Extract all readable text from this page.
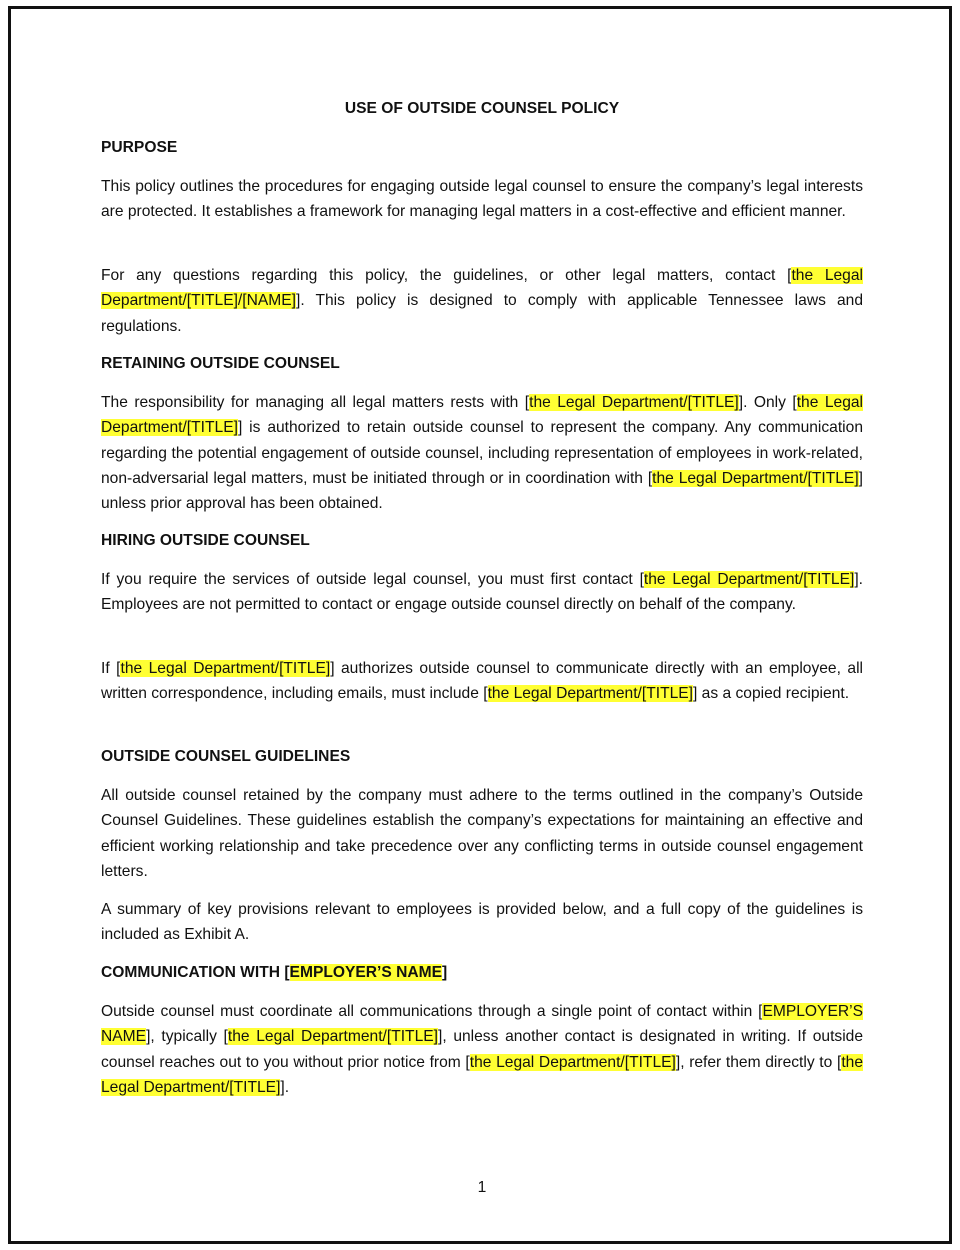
USE OF OUTSIDE COUNSEL POLICY
PURPOSE

This policy outlines the procedures for engaging outside legal counsel to ensure the company’s legal interests are protected. It establishes a framework for managing legal matters in a cost-effective and efficient manner.

For any questions regarding this policy, the guidelines, or other legal matters, contact [the Legal Department/[TITLE]/[NAME]]. This policy is designed to comply with applicable Tennessee laws and regulations.

RETAINING OUTSIDE COUNSEL

The responsibility for managing all legal matters rests with [the Legal Department/[TITLE]]. Only [the Legal Department/[TITLE]] is authorized to retain outside counsel to represent the company. Any communication regarding the potential engagement of outside counsel, including representation of employees in work-related, non-adversarial legal matters, must be initiated through or in coordination with [the Legal Department/[TITLE]] unless prior approval has been obtained.

HIRING OUTSIDE COUNSEL

If you require the services of outside legal counsel, you must first contact [the Legal Department/[TITLE]]. Employees are not permitted to contact or engage outside counsel directly on behalf of the company.

If [the Legal Department/[TITLE]] authorizes outside counsel to communicate directly with an employee, all written correspondence, including emails, must include [the Legal Department/[TITLE]] as a copied recipient.

OUTSIDE COUNSEL GUIDELINES

All outside counsel retained by the company must adhere to the terms outlined in the company’s Outside Counsel Guidelines. These guidelines establish the company’s expectations for maintaining an effective and efficient working relationship and take precedence over any conflicting terms in outside counsel engagement letters.

A summary of key provisions relevant to employees is provided below, and a full copy of the guidelines is included as Exhibit A.

COMMUNICATION WITH [EMPLOYER’S NAME]

Outside counsel must coordinate all communications through a single point of contact within [EMPLOYER’S NAME], typically [the Legal Department/[TITLE]], unless another contact is designated in writing. If outside counsel reaches out to you without prior notice from [the Legal Department/[TITLE]], refer them directly to [the Legal Department/[TITLE]].

1
